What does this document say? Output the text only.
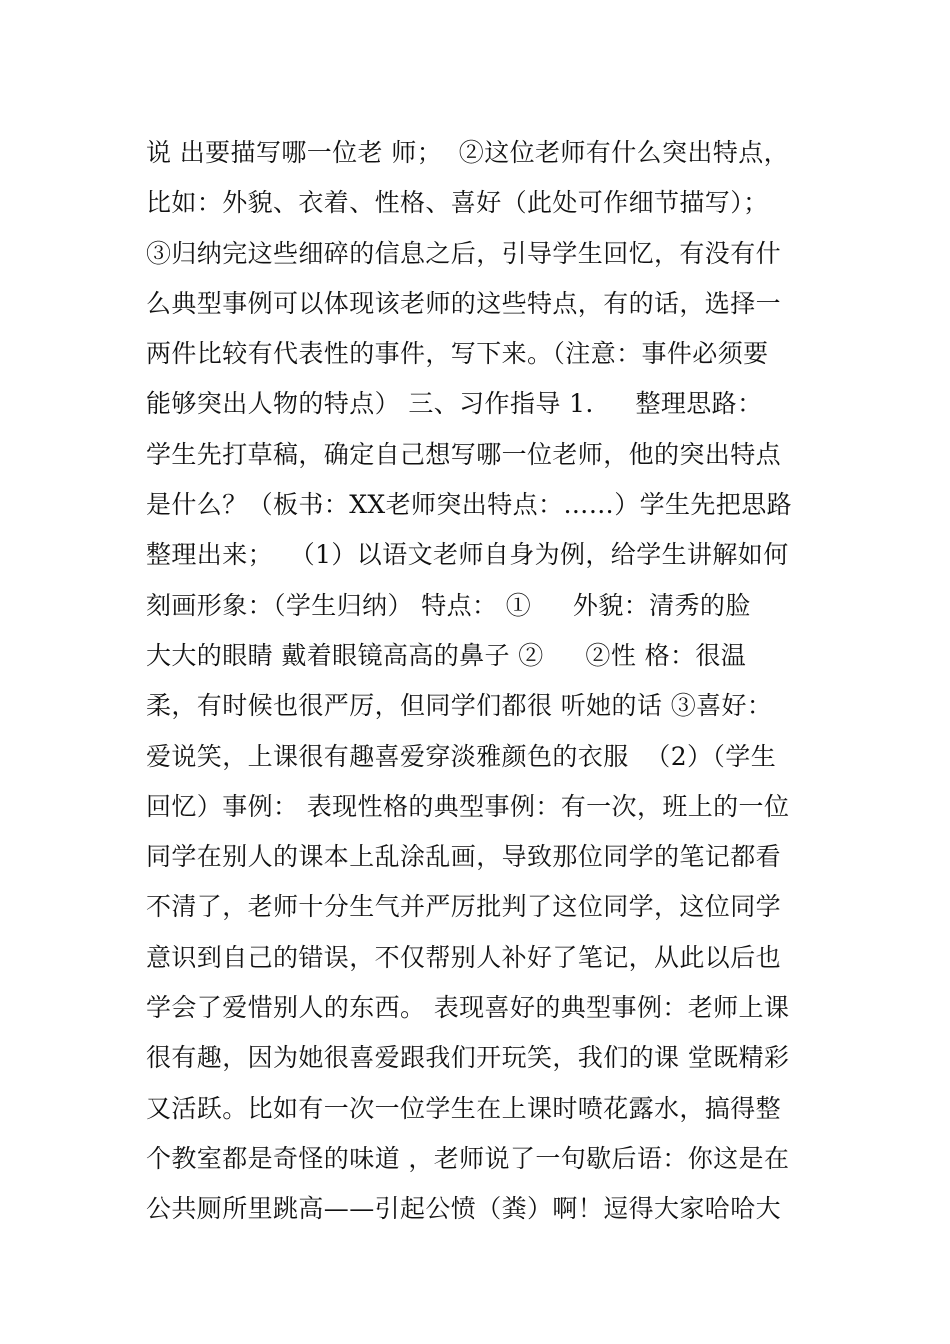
说 出要描写哪一位老 师；  ②这位老师有什么突出特点，
比如：外貌、衣着、性格、喜好（此处可作细节描写）；
③归纳完这些细碎的信息之后，引导学生回忆，有没有什
么典型事例可以体现该老师的这些特点，有的话，选择一
两件比较有代表性的事件，写下来。（注意：事件必须要
能够突出人物的特点） 三、习作指导 1.     整理思路：
学生先打草稿，确定自己想写哪一位老师，他的突出特点
是什么？（板书：XX老师突出特点：……）学生先把思路
整理出来；  （1）以语文老师自身为例，给学生讲解如何
刻画形象：（学生归纳） 特点： ①     外貌：清秀的脸
大大的眼睛 戴着眼镜高高的鼻子 ②     ②性 格：很温
柔，有时候也很严厉，但同学们都很 听她的话 ③喜好：
爱说笑，上课很有趣喜爱穿淡雅颜色的衣服  （2）（学生
回忆）事例： 表现性格的典型事例：有一次，班上的一位
同学在别人的课本上乱涂乱画，导致那位同学的笔记都看
不清了，老师十分生气并严厉批判了这位同学，这位同学
意识到自己的错误，不仅帮别人补好了笔记，从此以后也
学会了爱惜别人的东西。 表现喜好的典型事例：老师上课
很有趣，因为她很喜爱跟我们开玩笑，我们的课 堂既精彩
又活跃。比如有一次一位学生在上课时喷花露水，搞得整
个教室都是奇怪的味道 ，老师说了一句歇后语：你这是在
公共厕所里跳高——引起公愤（粪）啊！逗得大家哈哈大
